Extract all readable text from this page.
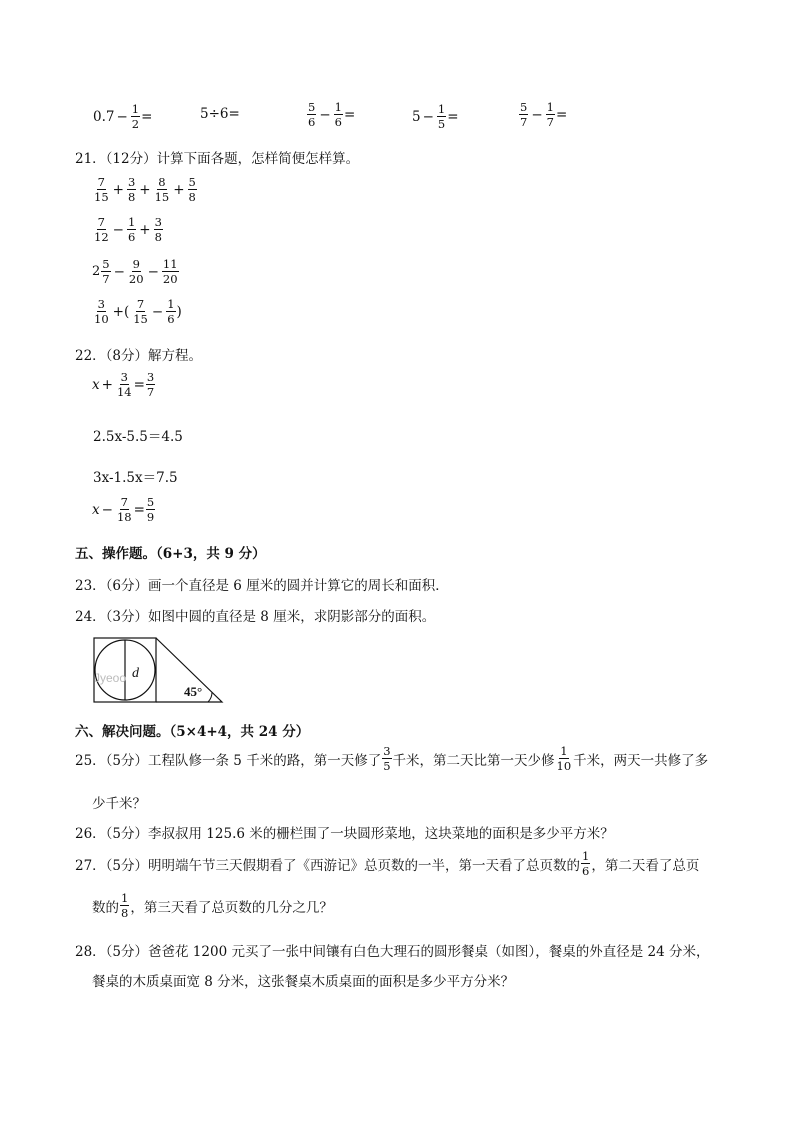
$0.7 - \frac{1}{2}$ =	5÷6=	$\frac{5}{6} - \frac{1}{6}$ =	$5 - \frac{1}{5}$ =	$\frac{5}{7} - \frac{1}{7}$ =
21．（12分）计算下面各题，怎样简便怎样算。
$\frac{7}{15} + \frac{3}{8} + \frac{8}{15} + \frac{5}{8}$
$\frac{7}{12} - \frac{1}{6} + \frac{3}{8}$
$2 \frac{5}{7} - \frac{9}{20} - \frac{11}{20}$
$\frac{3}{10}$ +( $\frac{7}{15} - \frac{1}{6}$ )
22．（8分）解方程。
$x + \frac{3}{14} = \frac{3}{7}$
2.5x-5.5＝4.5
3x-1.5x＝7.5
$x - \frac{7}{18} = \frac{5}{9}$
五、操作题。（6+3，共 9 分）
23．（6分）画一个直径是 6 厘米的圆并计算它的周长和面积．
24．（3分）如图中圆的直径是 8 厘米，求阴影部分的面积。
Jyeoo d
45°
六、解决问题。（5×4+4，共 24 分）
25．（5分）工程队修一条 5 千米的路，第一天修了 $\frac{3}{5}$ 千米，第二天比第一天少修 $\frac{1}{10}$ 千米，两天一共修了多
少千米？
26．（5分）李叔叔用 125.6 米的栅栏围了一块圆形菜地，这块菜地的面积是多少平方米？
27．（5分）明明端午节三天假期看了《西游记》总页数的一半，第一天看了总页数的 $\frac{1}{6}$ ，第二天看了总页
数的 $\frac{1}{8}$ ，第三天看了总页数的几分之几？
28．（5分）爸爸花 1200 元买了一张中间镶有白色大理石的圆形餐桌（如图），餐桌的外直径是 24 分米，
餐桌的木质桌面宽 8 分米，这张餐桌木质桌面的面积是多少平方分米？
